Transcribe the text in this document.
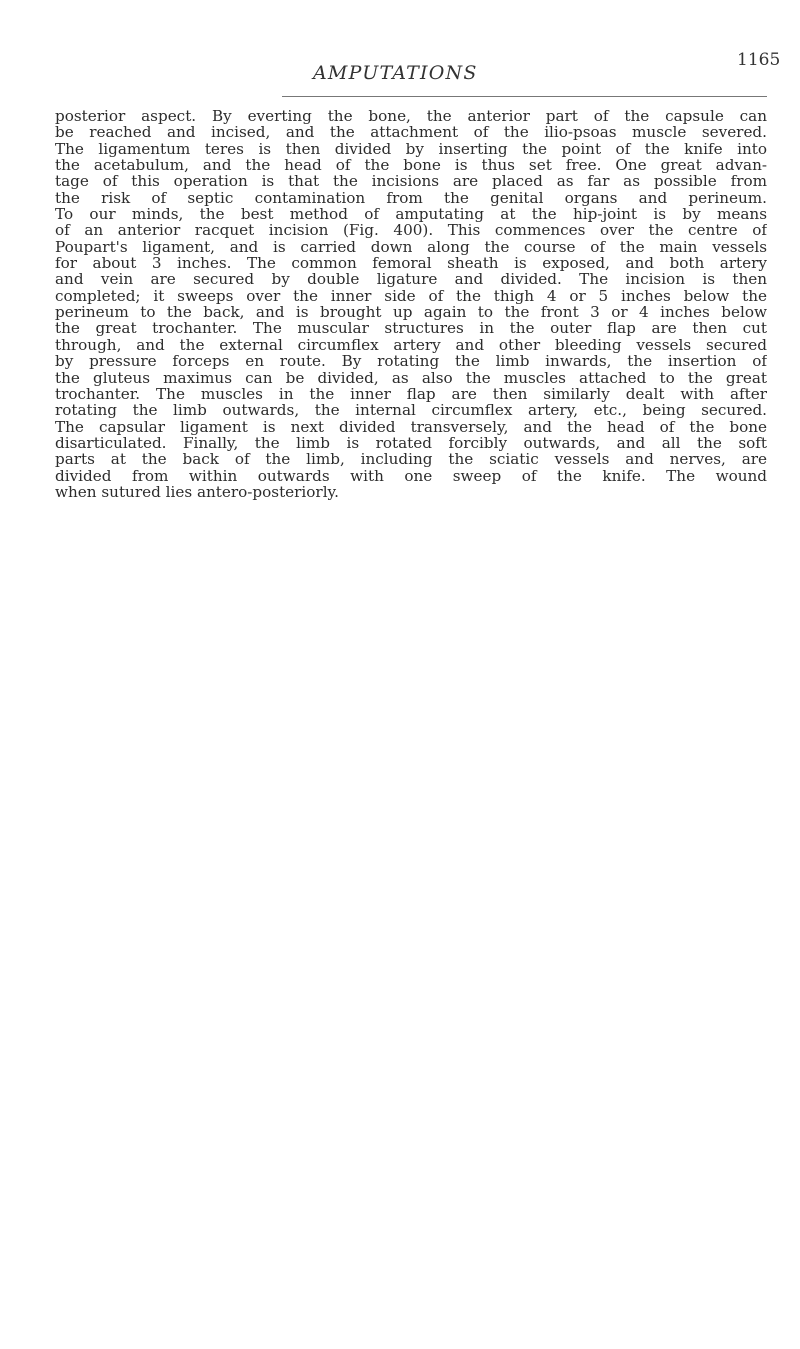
AMPUTATIONS
1165
posterior aspect. By everting the bone, the anterior part of the capsule can
be reached and incised, and the attachment of the ilio-psoas muscle severed.
The ligamentum teres is then divided by inserting the point of the knife into
the acetabulum, and the head of the bone is thus set free. One great advan-
tage of this operation is that the incisions are placed as far as possible from
the risk of septic contamination from the genital organs and perineum.
To our minds, the best method of amputating at the hip-joint is by means
of an anterior racquet incision (Fig. 400). This commences over the centre of
Poupart's ligament, and is carried down along the course of the main vessels
for about 3 inches. The common femoral sheath is exposed, and both artery
and vein are secured by double ligature and divided. The incision is then
completed; it sweeps over the inner side of the thigh 4 or 5 inches below the
perineum to the back, and is brought up again to the front 3 or 4 inches below
the great trochanter. The muscular structures in the outer flap are then cut
through, and the external circumflex artery and other bleeding vessels secured
by pressure forceps en route. By rotating the limb inwards, the insertion of
the gluteus maximus can be divided, as also the muscles attached to the great
trochanter. The muscles in the inner flap are then similarly dealt with after
rotating the limb outwards, the internal circumflex artery, etc., being secured.
The capsular ligament is next divided transversely, and the head of the bone
disarticulated. Finally, the limb is rotated forcibly outwards, and all the soft
parts at the back of the limb, including the sciatic vessels and nerves, are
divided from within outwards with one sweep of the knife. The wound
when sutured lies antero-posteriorly.
